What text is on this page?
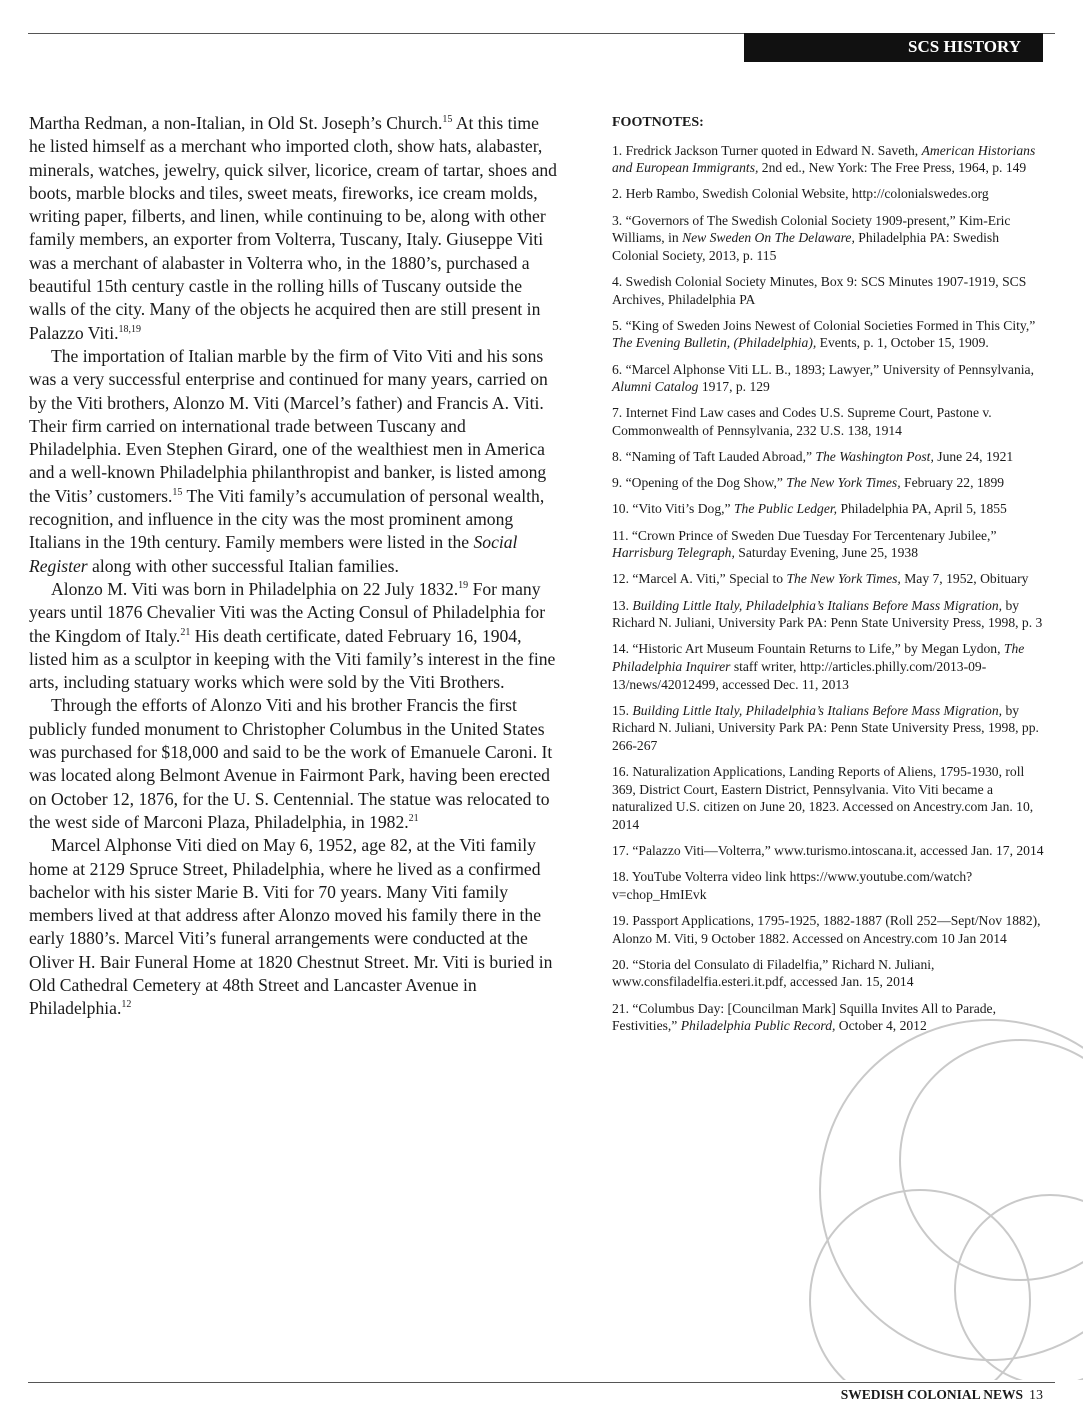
SCS HISTORY

Martha Redman, a non-Italian, in Old St. Joseph’s Church.$^{15}$ At this time he listed himself as a merchant who imported cloth, show hats, alabaster, minerals, watches, jewelry, quick silver, licorice, cream of tartar, shoes and boots, marble blocks and tiles, sweet meats, fireworks, ice cream molds, writing paper, filberts, and linen, while continuing to be, along with other family members, an exporter from Volterra, Tuscany, Italy. Giuseppe Viti was a merchant of alabaster in Volterra who, in the 1880’s, purchased a beautiful 15th century castle in the rolling hills of Tuscany outside the walls of the city. Many of the objects he acquired then are still present in Palazzo Viti.$^{18,19}$

The importation of Italian marble by the firm of Vito Viti and his sons was a very successful enterprise and continued for many years, carried on by the Viti brothers, Alonzo M. Viti (Marcel’s father) and Francis A. Viti. Their firm carried on international trade between Tuscany and Philadelphia. Even Stephen Girard, one of the wealthiest men in America and a well-known Philadelphia philanthropist and banker, is listed among the Vitis’ customers.$^{15}$ The Viti family’s accumulation of personal wealth, recognition, and influence in the city was the most prominent among Italians in the 19th century. Family members were listed in the Social Register along with other successful Italian families.

Alonzo M. Viti was born in Philadelphia on 22 July 1832.19 For many years until 1876 Chevalier Viti was the Acting Consul of Philadelphia for the Kingdom of Italy.$^{21}$ His death certificate, dated February 16, 1904, listed him as a sculptor in keeping with the Viti family’s interest in the fine arts, including statuary works which were sold by the Viti Brothers.

Through the efforts of Alonzo Viti and his brother Francis the first publicly funded monument to Christopher Columbus in the United States was purchased for $18,000 and said to be the work of Emanuele Caroni. It was located along Belmont Avenue in Fairmont Park, having been erected on October 12, 1876, for the U. S. Centennial. The statue was relocated to the west side of Marconi Plaza, Philadelphia, in 1982.21

Marcel Alphonse Viti died on May 6, 1952, age 82, at the Viti family home at 2129 Spruce Street, Philadelphia, where he lived as a confirmed bachelor with his sister Marie B. Viti for 70 years. Many Viti family members lived at that address after Alonzo moved his family there in the early 1880’s. Marcel Viti’s funeral arrangements were conducted at the Oliver H. Bair Funeral Home at 1820 Chestnut Street. Mr. Viti is buried in Old Cathedral Cemetery at 48th Street and Lancaster Avenue in Philadelphia.$^{12}$

FOOTNOTES:
1. Fredrick Jackson Turner quoted in Edward N. Saveth, American Historians and European Immigrants, 2nd ed., New York: The Free Press, 1964, p. 149
2. Herb Rambo, Swedish Colonial Website, http://colonialswedes.org
3. “Governors of The Swedish Colonial Society 1909-present,” Kim-Eric Williams, in New Sweden On The Delaware, Philadelphia PA: Swedish Colonial Society, 2013, p. 115
4. Swedish Colonial Society Minutes, Box 9: SCS Minutes 1907-1919, SCS Archives, Philadelphia PA
5. “King of Sweden Joins Newest of Colonial Societies Formed in This City,” The Evening Bulletin, (Philadelphia), Events, p. 1, October 15, 1909.
6. “Marcel Alphonse Viti LL. B., 1893; Lawyer,” University of Pennsylvania, Alumni Catalog 1917, p. 129
7. Internet Find Law cases and Codes U.S. Supreme Court, Pastone v. Commonwealth of Pennsylvania, 232 U.S. 138, 1914
8. “Naming of Taft Lauded Abroad,” The Washington Post, June 24, 1921
9. “Opening of the Dog Show,” The New York Times, February 22, 1899
10. “Vito Viti’s Dog,” The Public Ledger, Philadelphia PA, April 5, 1855
11. “Crown Prince of Sweden Due Tuesday For Tercentenary Jubilee,” Harrisburg Telegraph, Saturday Evening, June 25, 1938
12. “Marcel A. Viti,” Special to The New York Times, May 7, 1952, Obituary
13. Building Little Italy, Philadelphia’s Italians Before Mass Migration, by Richard N. Juliani, University Park PA: Penn State University Press, 1998, p. 3
14. “Historic Art Museum Fountain Returns to Life,” by Megan Lydon, The Philadelphia Inquirer staff writer, http://articles.philly.com/2013-09-13/news/42012499, accessed Dec. 11, 2013
15. Building Little Italy, Philadelphia’s Italians Before Mass Migration, by Richard N. Juliani, University Park PA: Penn State University Press, 1998, pp. 266-267
16. Naturalization Applications, Landing Reports of Aliens, 1795-1930, roll 369, District Court, Eastern District, Pennsylvania. Vito Viti became a naturalized U.S. citizen on June 20, 1823. Accessed on Ancestry.com Jan. 10, 2014
17. “Palazzo Viti—Volterra,” www.turismo.intoscana.it, accessed Jan. 17, 2014
18. YouTube Volterra video link https://www.youtube.com/watch?v=chop_HmIEvk
19. Passport Applications, 1795-1925, 1882-1887 (Roll 252—Sept/Nov 1882), Alonzo M. Viti, 9 October 1882. Accessed on Ancestry.com 10 Jan 2014
20. “Storia del Consulato di Filadelfia,” Richard N. Juliani, www.consfiladelfia.esteri.it.pdf, accessed Jan. 15, 2014
21. “Columbus Day: [Councilman Mark] Squilla Invites All to Parade, Festivities,” Philadelphia Public Record, October 4, 2012
SWEDISH COLONIAL NEWS 13
